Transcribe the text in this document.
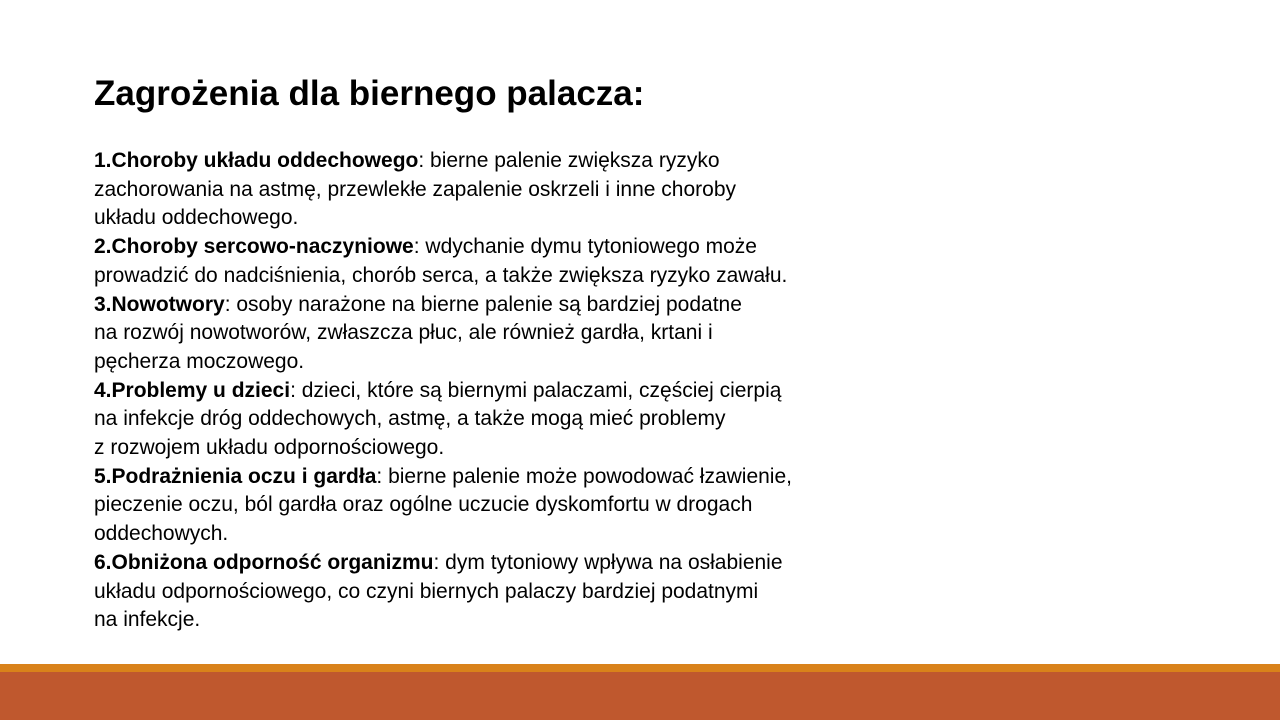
Zagrożenia dla biernego palacza:
1.Choroby układu oddechowego: bierne palenie zwiększa ryzyko
zachorowania na astmę, przewlekłe zapalenie oskrzeli i inne choroby
układu oddechowego.
2.Choroby sercowo-naczyniowe: wdychanie dymu tytoniowego może
prowadzić do nadciśnienia, chorób serca, a także zwiększa ryzyko zawału.
3.Nowotwory: osoby narażone na bierne palenie są bardziej podatne
na rozwój nowotworów, zwłaszcza płuc, ale również gardła, krtani i
pęcherza moczowego.
4.Problemy u dzieci: dzieci, które są biernymi palaczami, częściej cierpią
na infekcje dróg oddechowych, astmę, a także mogą mieć problemy
z rozwojem układu odpornościowego.
5.Podrażnienia oczu i gardła: bierne palenie może powodować łzawienie,
pieczenie oczu, ból gardła oraz ogólne uczucie dyskomfortu w drogach
oddechowych.
6.Obniżona odporność organizmu: dym tytoniowy wpływa na osłabienie
układu odpornościowego, co czyni biernych palaczy bardziej podatnymi
na infekcje.
